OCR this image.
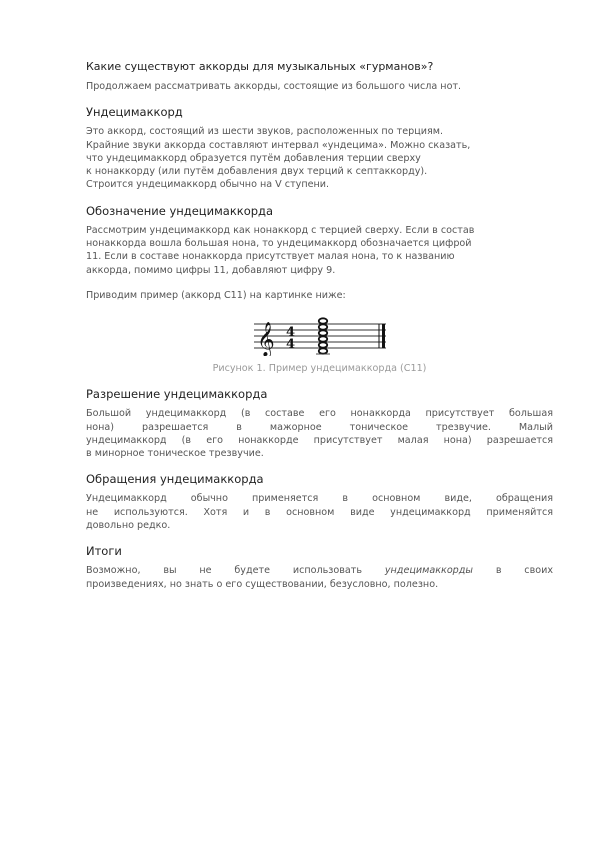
Какие существуют аккорды для музыкальных «гурманов»?

Продолжаем рассматривать аккорды, состоящие из большого числа нот.

Ундецимаккорд

Это аккорд, состоящий из шести звуков, расположенных по терциям.
Крайние звуки аккорда составляют интервал «ундецима». Можно сказать,
что ундецимаккорд образуется путём добавления терции сверху
к нонаккорду (или путём добавления двух терций к септаккорду).
Строится ундецимаккорд обычно на V ступени.

Обозначение ундецимаккорда

Рассмотрим ундецимаккорд как нонаккорд с терцией сверху. Если в состав
нонаккорда вошла большая нона, то ундецимаккорд обозначается цифрой
11. Если в составе нонаккорда присутствует малая нона, то к названию
аккорда, помимо цифры 11, добавляют цифру 9.

Приводим пример (аккорд C11) на картинке ниже:

𝄞 4
4
Рисунок 1. Пример ундецимаккорда (C11)
Разрешение ундецимаккорда

Большой ундецимаккорд (в составе его нонаккорда присутствует большая
нона) разрешается в мажорное тоническое трезвучие. Малый
ундецимаккорд (в его нонаккорде присутствует малая нона) разрешается
в минорное тоническое трезвучие.

Обращения ундецимаккорда

Ундецимаккорд обычно применяется в основном виде, обращения
не используются. Хотя и в основном виде ундецимаккорд применяйтся
довольно редко.

Итоги

Возможно, вы не будете использовать ундецимаккорды в своих
произведениях, но знать о его существовании, безусловно, полезно.
